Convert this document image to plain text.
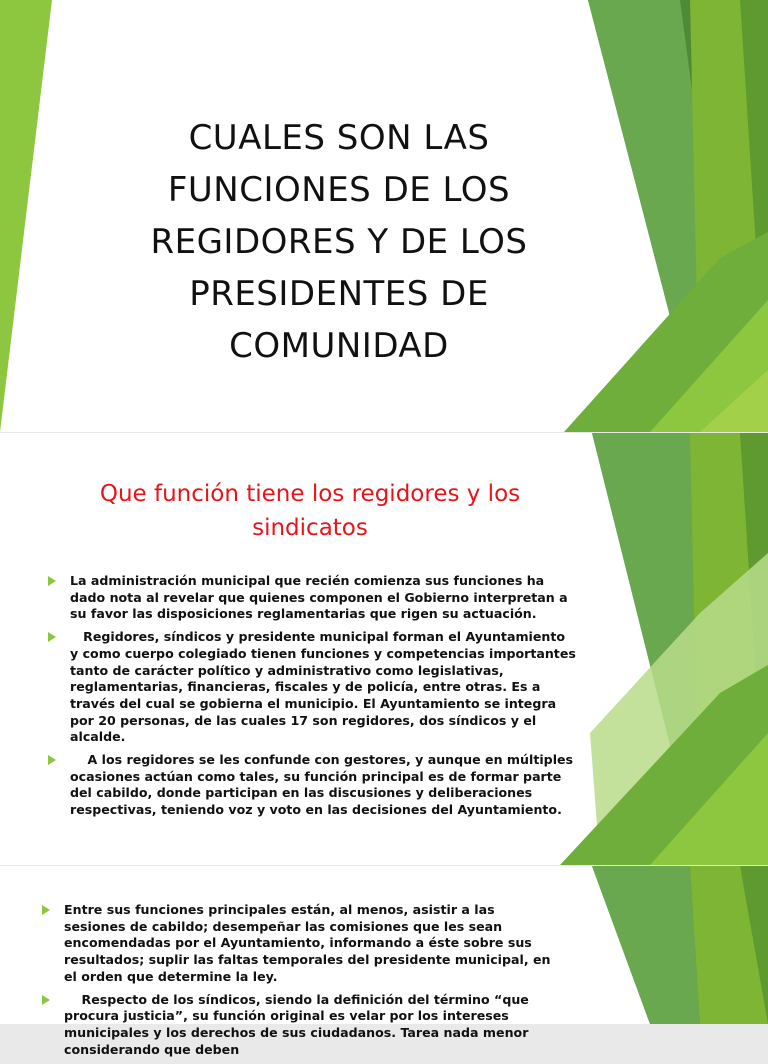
CUALES SON LAS FUNCIONES DE LOS REGIDORES Y DE LOS PRESIDENTES DE COMUNIDAD
Que función tiene los regidores y los sindicatos
La administración municipal que recién comienza sus funciones ha dado nota al revelar que quienes componen el Gobierno interpretan a su favor las disposiciones reglamentarias que rigen su actuación.
Regidores, síndicos y presidente municipal forman el Ayuntamiento y como cuerpo colegiado tienen funciones y competencias importantes tanto de carácter político y administrativo como legislativas, reglamentarias, financieras, fiscales y de policía, entre otras. Es a través del cual se gobierna el municipio. El Ayuntamiento se integra por 20 personas, de las cuales 17 son regidores, dos síndicos y el alcalde.
A los regidores se les confunde con gestores, y aunque en múltiples ocasiones actúan como tales, su función principal es de formar parte del cabildo, donde participan en las discusiones y deliberaciones respectivas, teniendo voz y voto en las decisiones del Ayuntamiento.
Entre sus funciones principales están, al menos, asistir a las sesiones de cabildo; desempeñar las comisiones que les sean encomendadas por el Ayuntamiento, informando a éste sobre sus resultados; suplir las faltas temporales del presidente municipal, en el orden que determine la ley.
Respecto de los síndicos, siendo la definición del término “que procura justicia”, su función original es velar por los intereses municipales y los derechos de sus ciudadanos. Tarea nada menor considerando que deben
